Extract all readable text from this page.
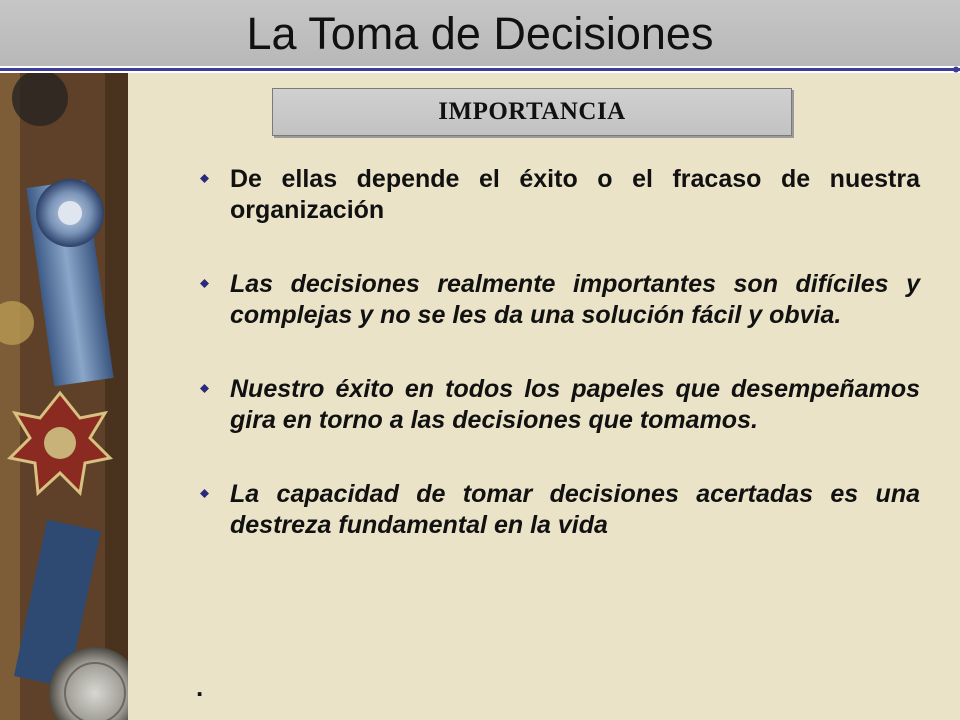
La Toma de Decisiones
IMPORTANCIA
De ellas depende el éxito o el fracaso de nuestra organización
Las decisiones realmente importantes son difíciles y complejas y no se les da una solución fácil y obvia.
Nuestro éxito en todos los papeles que desempeñamos gira en torno a las decisiones que tomamos.
La capacidad de tomar decisiones acertadas es una destreza fundamental en la vida
.
